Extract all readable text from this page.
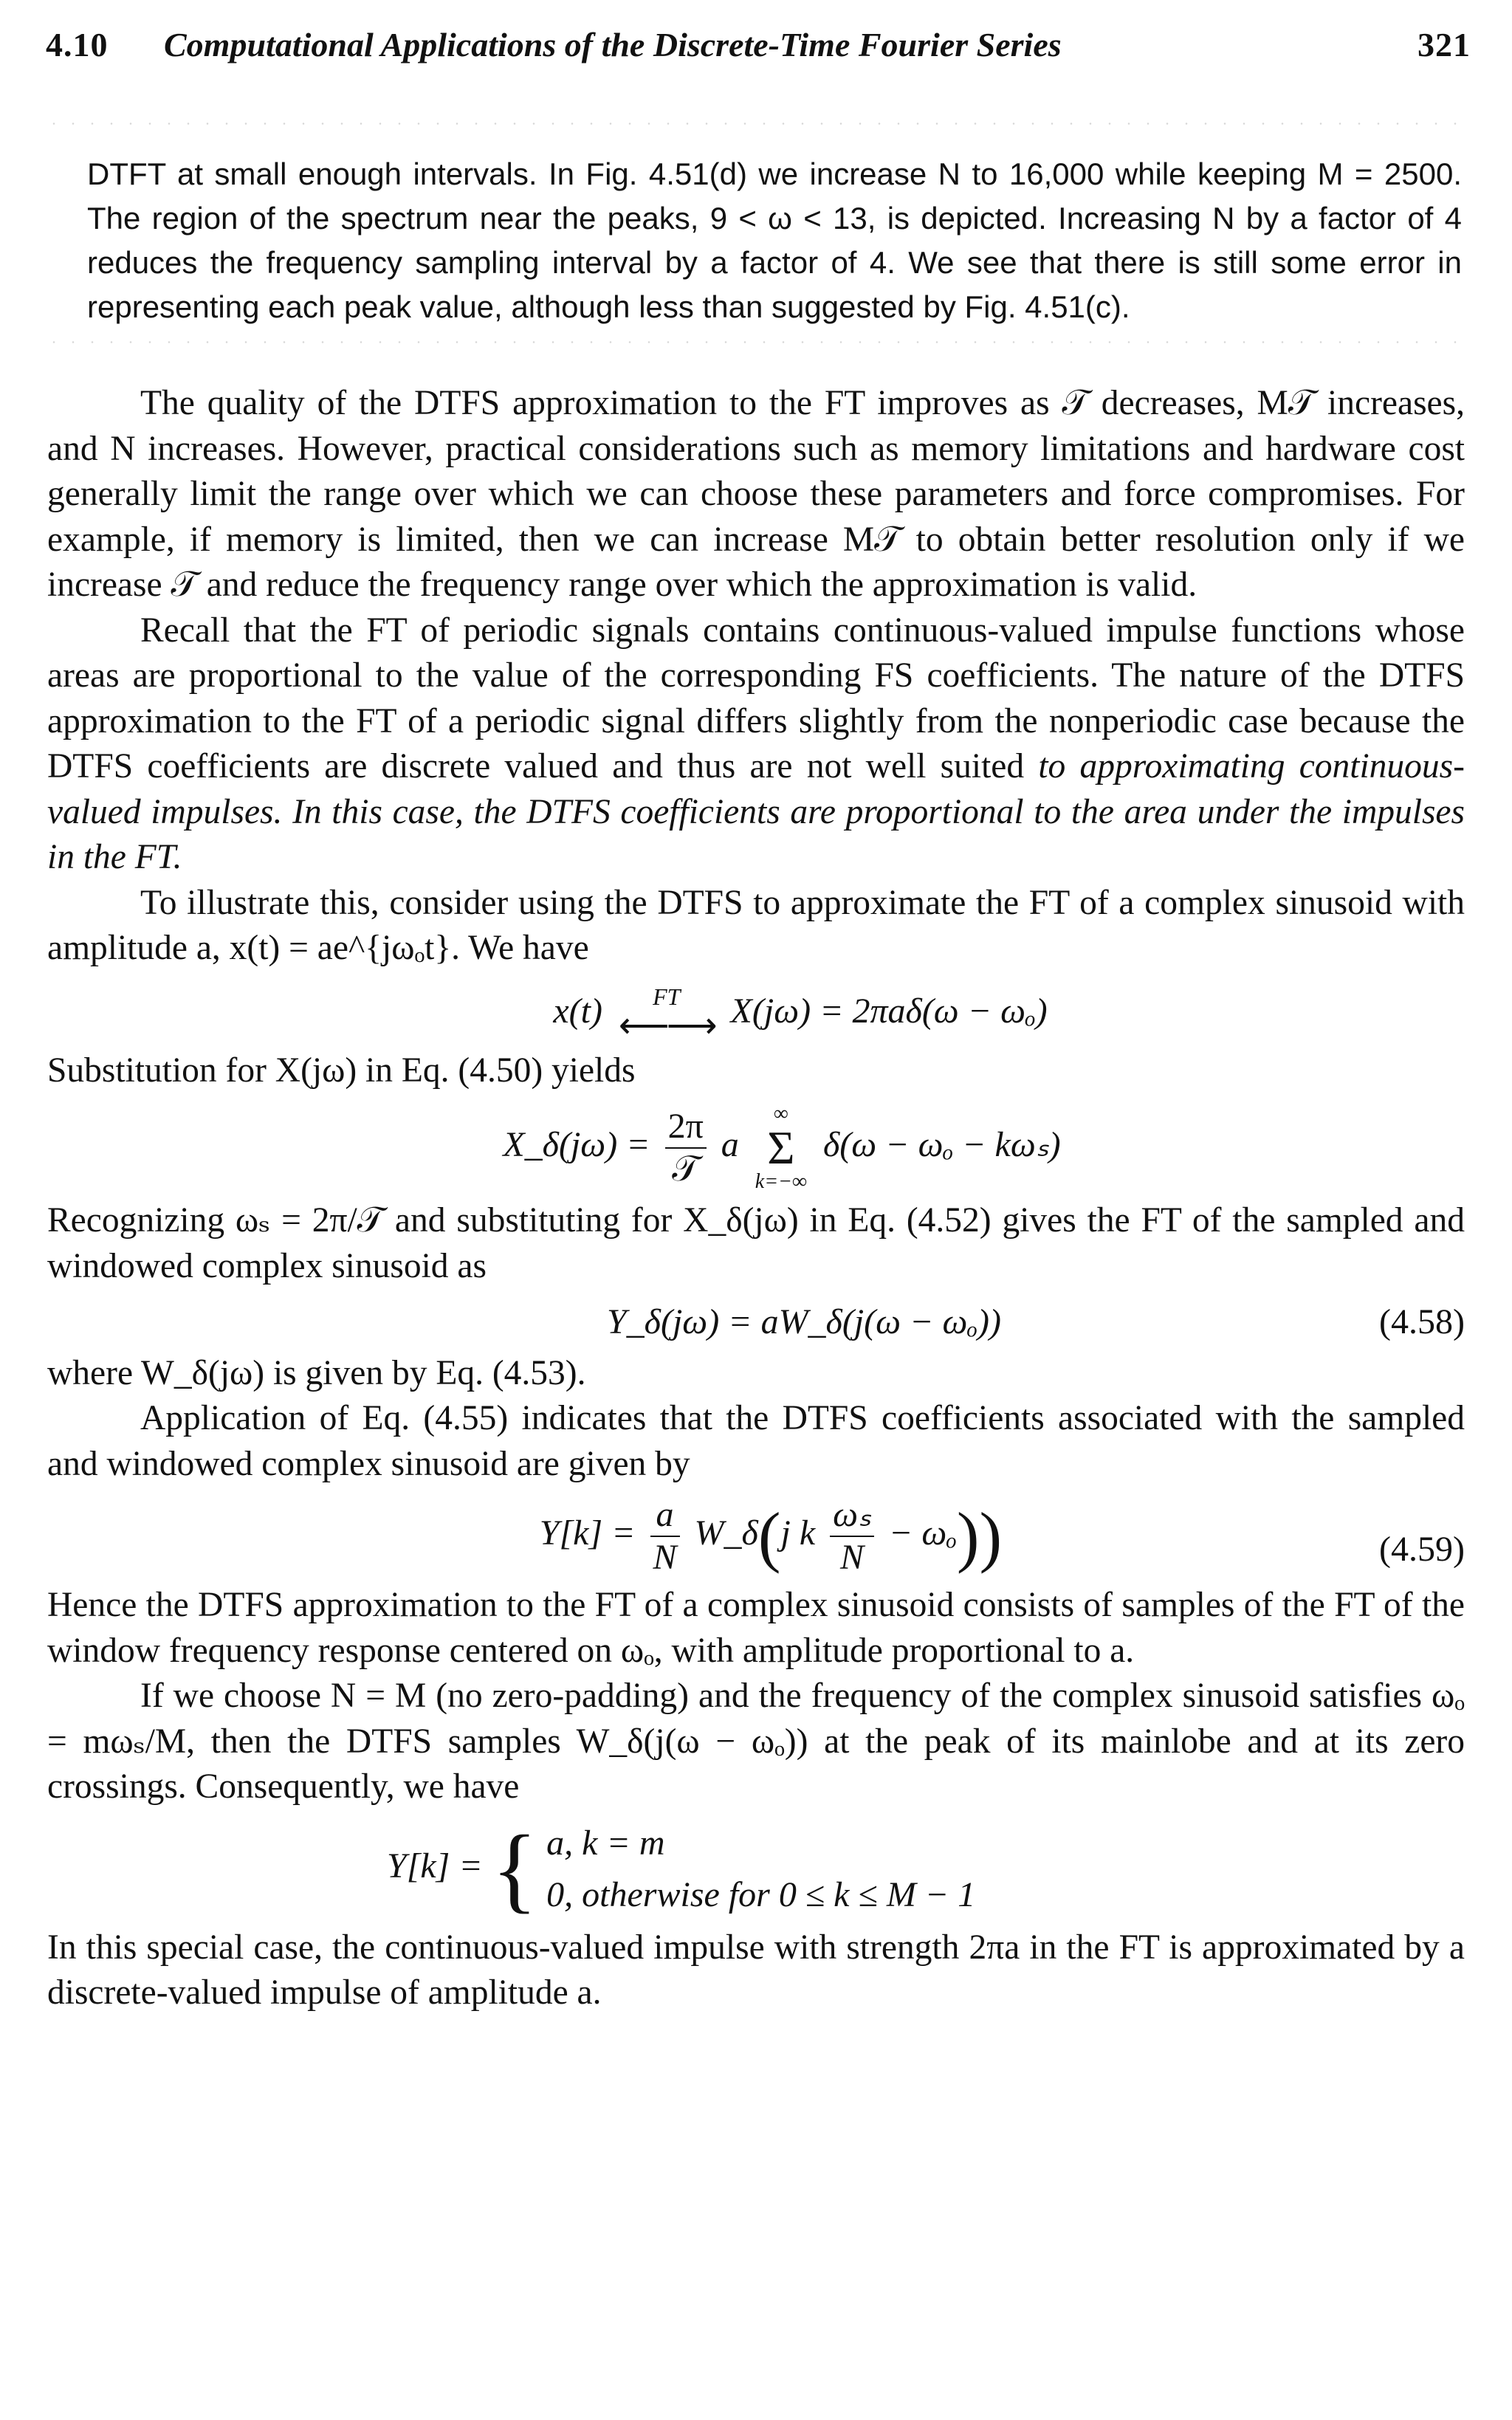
4.10 Computational Applications of the Discrete-Time Fourier Series	321
DTFT at small enough intervals. In Fig. 4.51(d) we increase N to 16,000 while keeping M = 2500. The region of the spectrum near the peaks, 9 < ω < 13, is depicted. Increasing N by a factor of 4 reduces the frequency sampling interval by a factor of 4. We see that there is still some error in representing each peak value, although less than suggested by Fig. 4.51(c).

The quality of the DTFS approximation to the FT improves as 𝒯 decreases, M𝒯 increases, and N increases. However, practical considerations such as memory limitations and hardware cost generally limit the range over which we can choose these parameters and force compromises. For example, if memory is limited, then we can increase M𝒯 to obtain better resolution only if we increase 𝒯 and reduce the frequency range over which the approximation is valid.

Recall that the FT of periodic signals contains continuous-valued impulse functions whose areas are proportional to the value of the corresponding FS coefficients. The nature of the DTFS approximation to the FT of a periodic signal differs slightly from the nonperiodic case because the DTFS coefficients are discrete valued and thus are not well suited to approximating continuous-valued impulses. In this case, the DTFS coefficients are proportional to the area under the impulses in the FT.

To illustrate this, consider using the DTFS to approximate the FT of a complex sinusoid with amplitude a, x(t) = ae^{jωₒt}. We have

x(t)	FT
⟵⟶ X(jω) = 2πaδ(ω − ωₒ)

Substitution for X(jω) in Eq. (4.50) yields

X_δ(jω) = $\frac{2\pi}{\text{𝒯}}$ a
∞
Σ
k=−∞
δ(ω − ωₒ − kωₛ)

Recognizing ωₛ = 2π/𝒯 and substituting for X_δ(jω) in Eq. (4.52) gives the FT of the sampled and windowed complex sinusoid as

Y_δ(jω) = aW_δ(j(ω − ωₒ))	(4.58)

where W_δ(jω) is given by Eq. (4.53).

Application of Eq. (4.55) indicates that the DTFS coefficients associated with the sampled and windowed complex sinusoid are given by

$Y[k] = \frac{a}{N}$ W_δ(j k $\frac{\text{ωₛ}}{N} - \omega_o$))	(4.59)

Hence the DTFS approximation to the FT of a complex sinusoid consists of samples of the FT of the window frequency response centered on ωₒ, with amplitude proportional to a.

If we choose N = M (no zero-padding) and the frequency of the complex sinusoid satisfies ωₒ = mωₛ/M, then the DTFS samples W_δ(j(ω − ωₒ)) at the peak of its mainlobe and at its zero crossings. Consequently, we have

Y[k] = { a, k = m
0, otherwise for 0 ≤ k ≤ M − 1

In this special case, the continuous-valued impulse with strength 2πa in the FT is approximated by a discrete-valued impulse of amplitude a.
